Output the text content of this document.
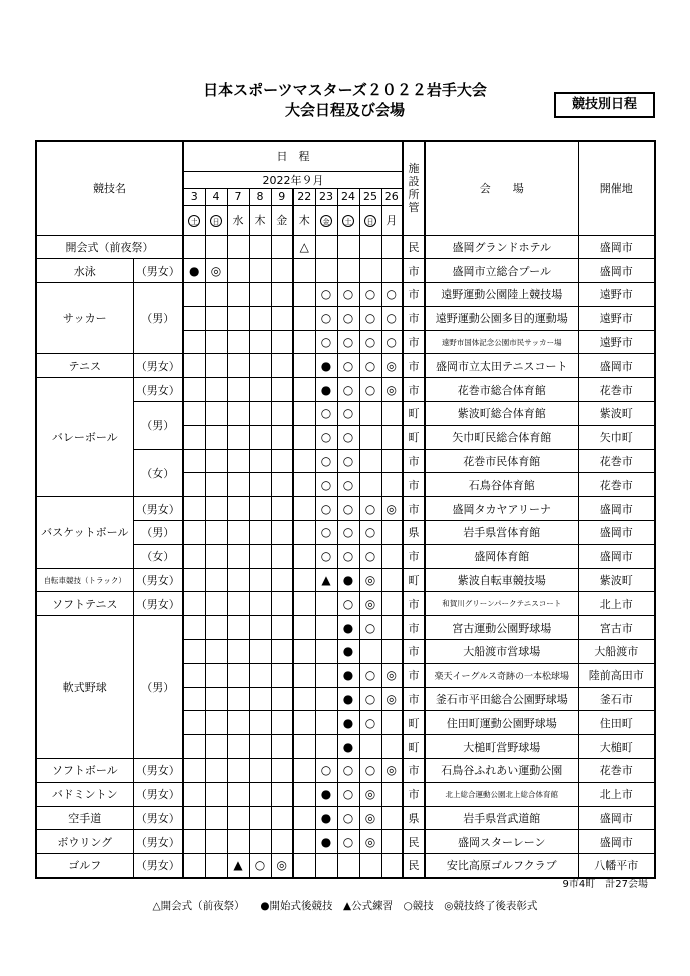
日本スポーツマスターズ２０２２岩手大会
大会日程及び会場	競技別日程
競技名		日　程										施設所管	会　　場	開催地
		2022年９月												
		3	4	7	8	9	22	23	24	25	26			
		土	日	水	木	金	木	金	土	日	月			
開会式（前夜祭）							△					民	盛岡グランドホテル	盛岡市
水泳	（男女）	●	◎									市	盛岡市立総合プール	盛岡市
サッカー	（男）							○	○	○	○	市	遠野運動公園陸上競技場	遠野市
								○	○	○	○	市	遠野運動公園多目的運動場	遠野市
								○	○	○	○	市	遠野市国体記念公園市民サッカー場	遠野市
テニス	（男女）							●	○	○	◎	市	盛岡市立太田テニスコート	盛岡市
バレーボール	（男女）							●	○	○	◎	市	花巻市総合体育館	花巻市
	（男）							○	○			町	紫波町総合体育館	紫波町
								○	○			町	矢巾町民総合体育館	矢巾町
	（女）							○	○			市	花巻市民体育館	花巻市
								○	○			市	石鳥谷体育館	花巻市
バスケットボール	（男女）							○	○	○	◎	市	盛岡タカヤアリーナ	盛岡市
	（男）							○	○	○		県	岩手県営体育館	盛岡市
	（女）							○	○	○		市	盛岡体育館	盛岡市
自転車競技（トラック）	（男女）							▲	●	◎		町	紫波自転車競技場	紫波町
ソフトテニス	（男女）								○	◎		市	和賀川グリーンパークテニスコート	北上市
軟式野球	（男）								●	○		市	宮古運動公園野球場	宮古市
									●			市	大船渡市営球場	大船渡市
									●	○	◎	市	楽天イーグルス奇跡の一本松球場	陸前高田市
									●	○	◎	市	釜石市平田総合公園野球場	釜石市
									●	○		町	住田町運動公園野球場	住田町
									●			町	大槌町営野球場	大槌町
ソフトボール	（男女）							○	○	○	◎	市	石鳥谷ふれあい運動公園	花巻市
バドミントン	（男女）							●	○	◎		市	北上総合運動公園北上総合体育館	北上市
空手道	（男女）							●	○	◎		県	岩手県営武道館	盛岡市
ボウリング	（男女）							●	○	◎		民	盛岡スターレーン	盛岡市
ゴルフ	（男女）			▲	○	◎						民	安比高原ゴルフクラブ	八幡平市
9市4町　計27会場
△開会式（前夜祭）　　●開始式後競技　▲公式練習　○競技　◎競技終了後表彰式
